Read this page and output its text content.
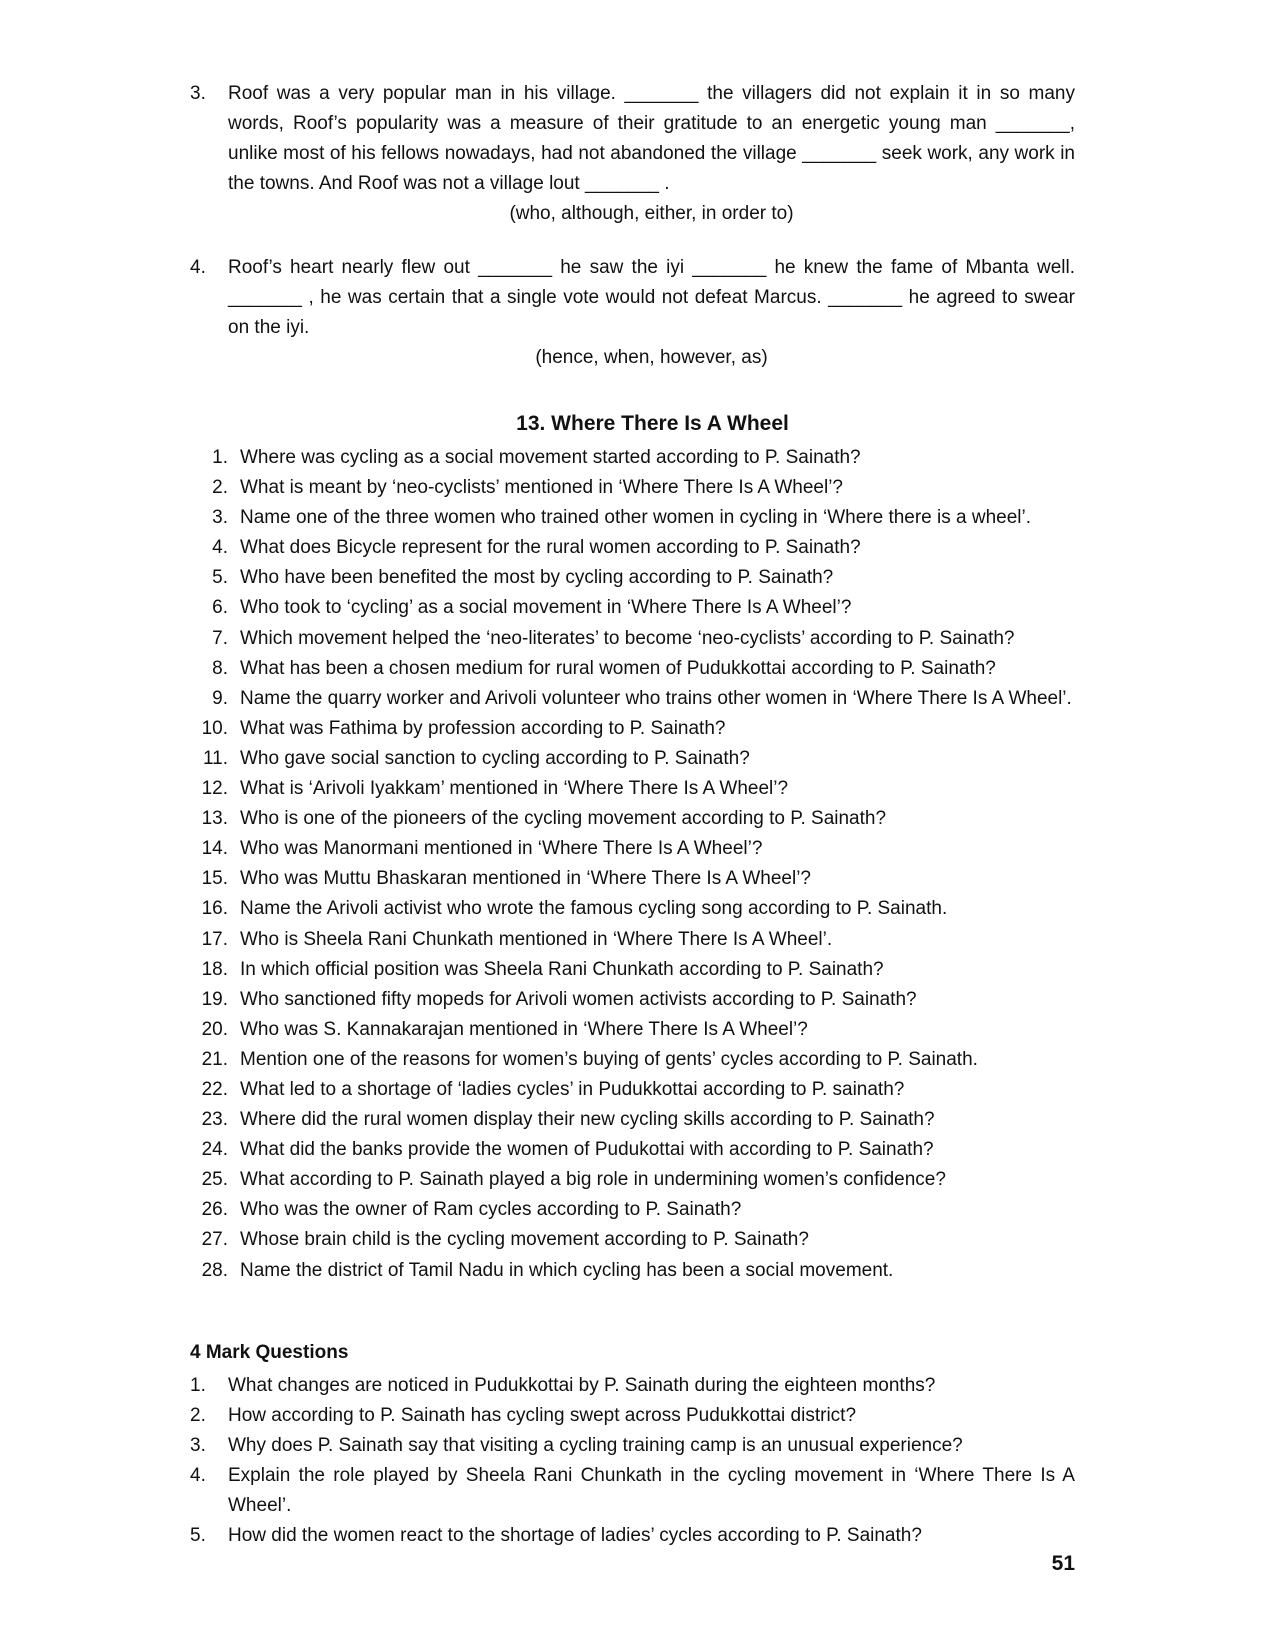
3.	Roof was a very popular man in his village. _______ the villagers did not explain it in so many words, Roof’s popularity was a measure of their gratitude to an energetic young man _______, unlike most of his fellows nowadays, had not abandoned the village _______ seek work, any work in the towns. And Roof was not a village lout _______ .
(who, although, either, in order to)
4.	Roof’s heart nearly flew out _______ he saw the iyi _______ he knew the fame of Mbanta well. _______ , he was certain that a single vote would not defeat Marcus. _______ he agreed to swear on the iyi.
(hence, when, however, as)
13. Where There Is A Wheel
1. Where was cycling as a social movement started according to P. Sainath?
2. What is meant by ‘neo-cyclists’ mentioned in ‘Where There Is A Wheel’?
3. Name one of the three women who trained other women in cycling in ‘Where there is a wheel’.
4. What does Bicycle represent for the rural women according to P. Sainath?
5. Who have been benefited the most by cycling according to P. Sainath?
6. Who took to ‘cycling’ as a social movement in ‘Where There Is A Wheel’?
7. Which movement helped the ‘neo-literates’ to become ‘neo-cyclists’ according to P. Sainath?
8. What has been a chosen medium for rural women of Pudukkottai according to P. Sainath?
9. Name the quarry worker and Arivoli volunteer who trains other women in ‘Where There Is A Wheel’.
10. What was Fathima by profession according to P. Sainath?
11. Who gave social sanction to cycling according to P. Sainath?
12. What is ‘Arivoli Iyakkam’ mentioned in ‘Where There Is A Wheel’?
13. Who is one of the pioneers of the cycling movement according to P. Sainath?
14. Who was Manormani mentioned in ‘Where There Is A Wheel’?
15. Who was Muttu Bhaskaran mentioned in ‘Where There Is A Wheel’?
16. Name the Arivoli activist who wrote the famous cycling song according to P. Sainath.
17. Who is Sheela Rani Chunkath mentioned in ‘Where There Is A Wheel’.
18. In which official position was Sheela Rani Chunkath according to P. Sainath?
19. Who sanctioned fifty mopeds for Arivoli women activists according to P. Sainath?
20. Who was S. Kannakarajan mentioned in ‘Where There Is A Wheel’?
21. Mention one of the reasons for women’s buying of gents’ cycles according to P. Sainath.
22. What led to a shortage of ‘ladies cycles’ in Pudukkottai according to P. sainath?
23. Where did the rural women display their new cycling skills according to P. Sainath?
24. What did the banks provide the women of Pudukottai with according to P. Sainath?
25. What according to P. Sainath played a big role in undermining women’s confidence?
26. Who was the owner of Ram cycles according to P. Sainath?
27. Whose brain child is the cycling movement according to P. Sainath?
28. Name the district of Tamil Nadu in which cycling has been a social movement.
4 Mark Questions
1.	What changes are noticed in Pudukkottai by P. Sainath during the eighteen months?
2.	How according to P. Sainath has cycling swept across Pudukkottai district?
3.	Why does P. Sainath say that visiting a cycling training camp is an unusual experience?
4.	Explain the role played by Sheela Rani Chunkath in the cycling movement in ‘Where There Is A Wheel’.
5.	How did the women react to the shortage of ladies’ cycles according to P. Sainath?
51
